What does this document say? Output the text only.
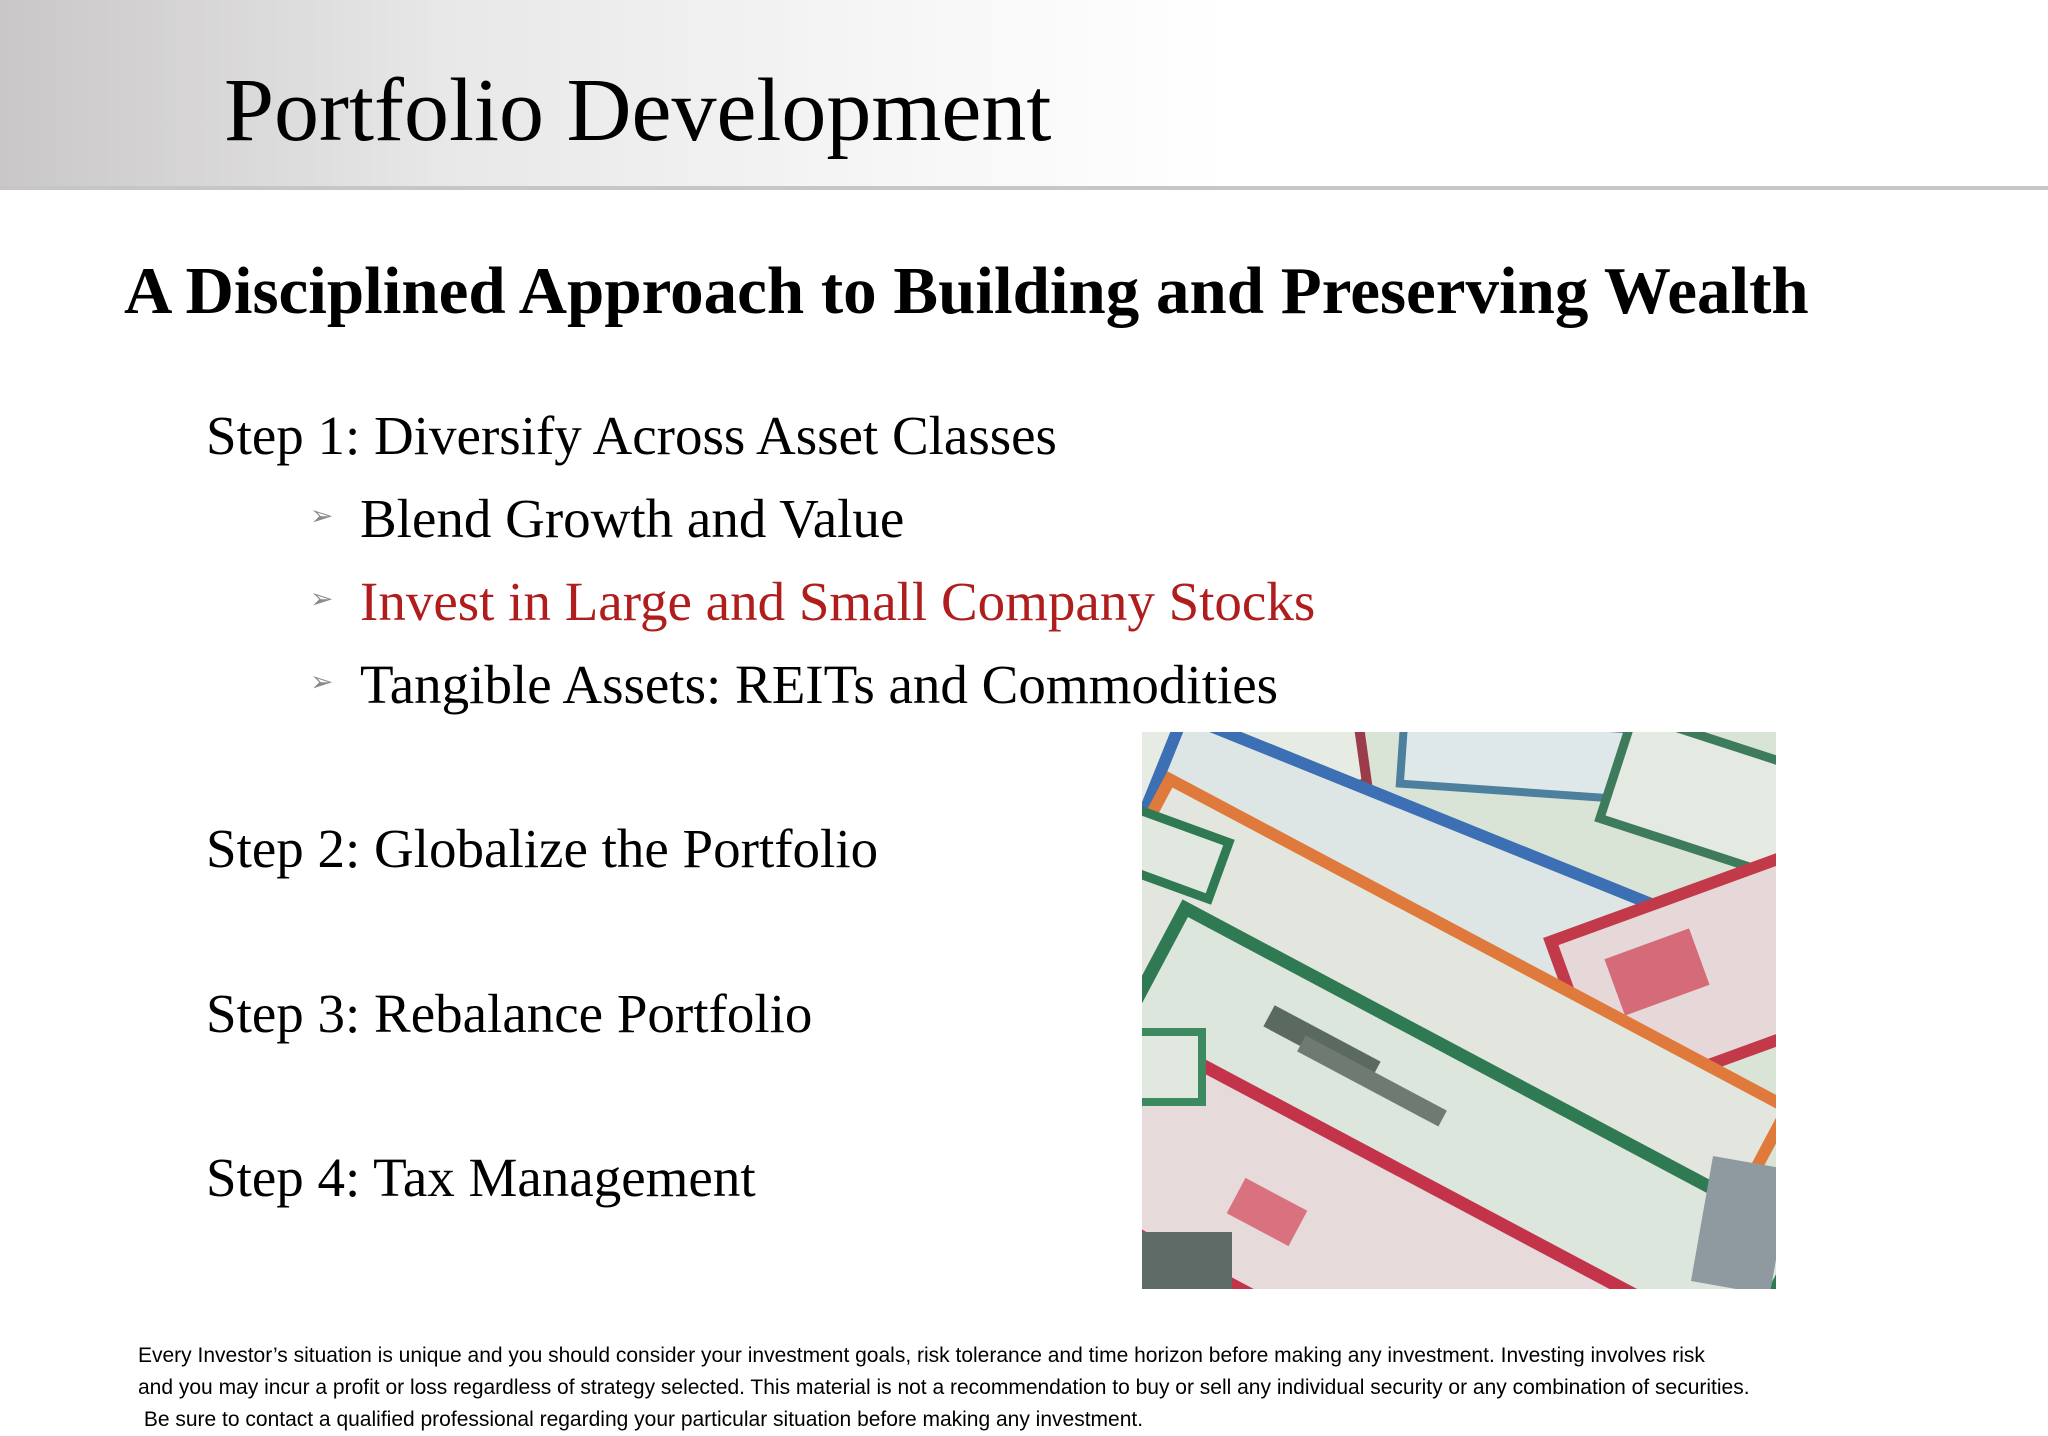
Portfolio Development
A Disciplined Approach to Building and Preserving Wealth
Step 1: Diversify Across Asset Classes
➢ Blend Growth and Value
➢ Invest in Large and Small Company Stocks
➢ Tangible Assets: REITs and Commodities
Step 2: Globalize the Portfolio
Step 3: Rebalance Portfolio
Step 4: Tax Management
Every Investor’s situation is unique and you should consider your investment goals, risk tolerance and time horizon before making any investment. Investing involves risk
and you may incur a profit or loss regardless of strategy selected. This material is not a recommendation to buy or sell any individual security or any combination of securities.
Be sure to contact a qualified professional regarding your particular situation before making any investment.
